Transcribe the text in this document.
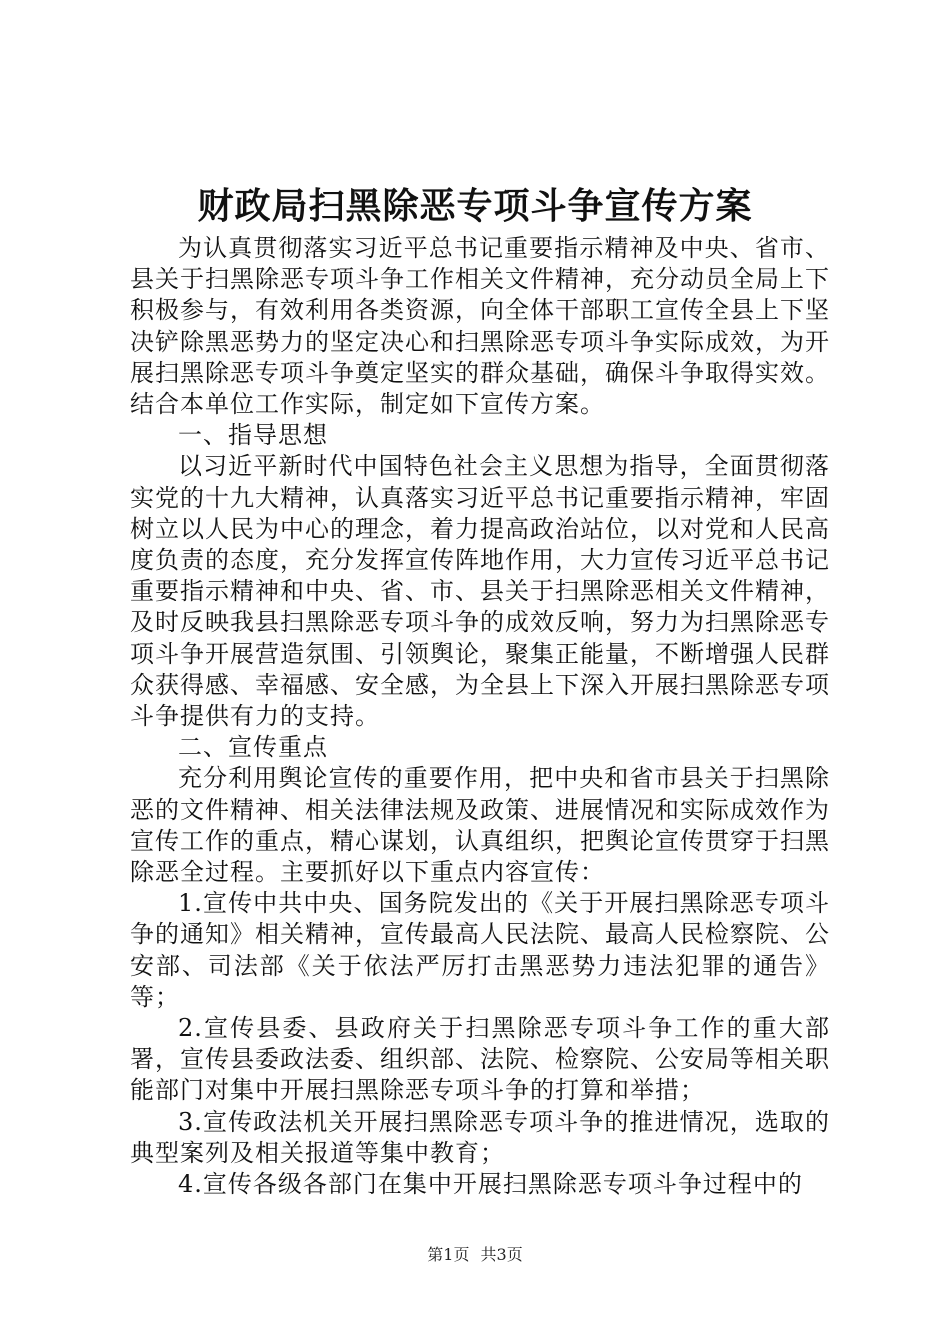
财政局扫黑除恶专项斗争宣传方案

为认真贯彻落实习近平总书记重要指示精神及中央、省市、县关于扫黑除恶专项斗争工作相关文件精神，充分动员全局上下积极参与，有效利用各类资源，向全体干部职工宣传全县上下坚决铲除黑恶势力的坚定决心和扫黑除恶专项斗争实际成效，为开展扫黑除恶专项斗争奠定坚实的群众基础，确保斗争取得实效。结合本单位工作实际，制定如下宣传方案。

一、指导思想

以习近平新时代中国特色社会主义思想为指导，全面贯彻落实党的十九大精神，认真落实习近平总书记重要指示精神，牢固树立以人民为中心的理念，着力提高政治站位，以对党和人民高度负责的态度，充分发挥宣传阵地作用，大力宣传习近平总书记重要指示精神和中央、省、市、县关于扫黑除恶相关文件精神，及时反映我县扫黑除恶专项斗争的成效反响，努力为扫黑除恶专项斗争开展营造氛围、引领舆论，聚集正能量，不断增强人民群众获得感、幸福感、安全感，为全县上下深入开展扫黑除恶专项斗争提供有力的支持。

二、宣传重点

充分利用舆论宣传的重要作用，把中央和省市县关于扫黑除恶的文件精神、相关法律法规及政策、进展情况和实际成效作为宣传工作的重点，精心谋划，认真组织，把舆论宣传贯穿于扫黑除恶全过程。主要抓好以下重点内容宣传：

1.宣传中共中央、国务院发出的《关于开展扫黑除恶专项斗争的通知》相关精神，宣传最高人民法院、最高人民检察院、公安部、司法部《关于依法严厉打击黑恶势力违法犯罪的通告》等；

2.宣传县委、县政府关于扫黑除恶专项斗争工作的重大部署，宣传县委政法委、组织部、法院、检察院、公安局等相关职能部门对集中开展扫黑除恶专项斗争的打算和举措；

3.宣传政法机关开展扫黑除恶专项斗争的推进情况，选取的典型案列及相关报道等集中教育；

4.宣传各级各部门在集中开展扫黑除恶专项斗争过程中的

第1页 共3页
